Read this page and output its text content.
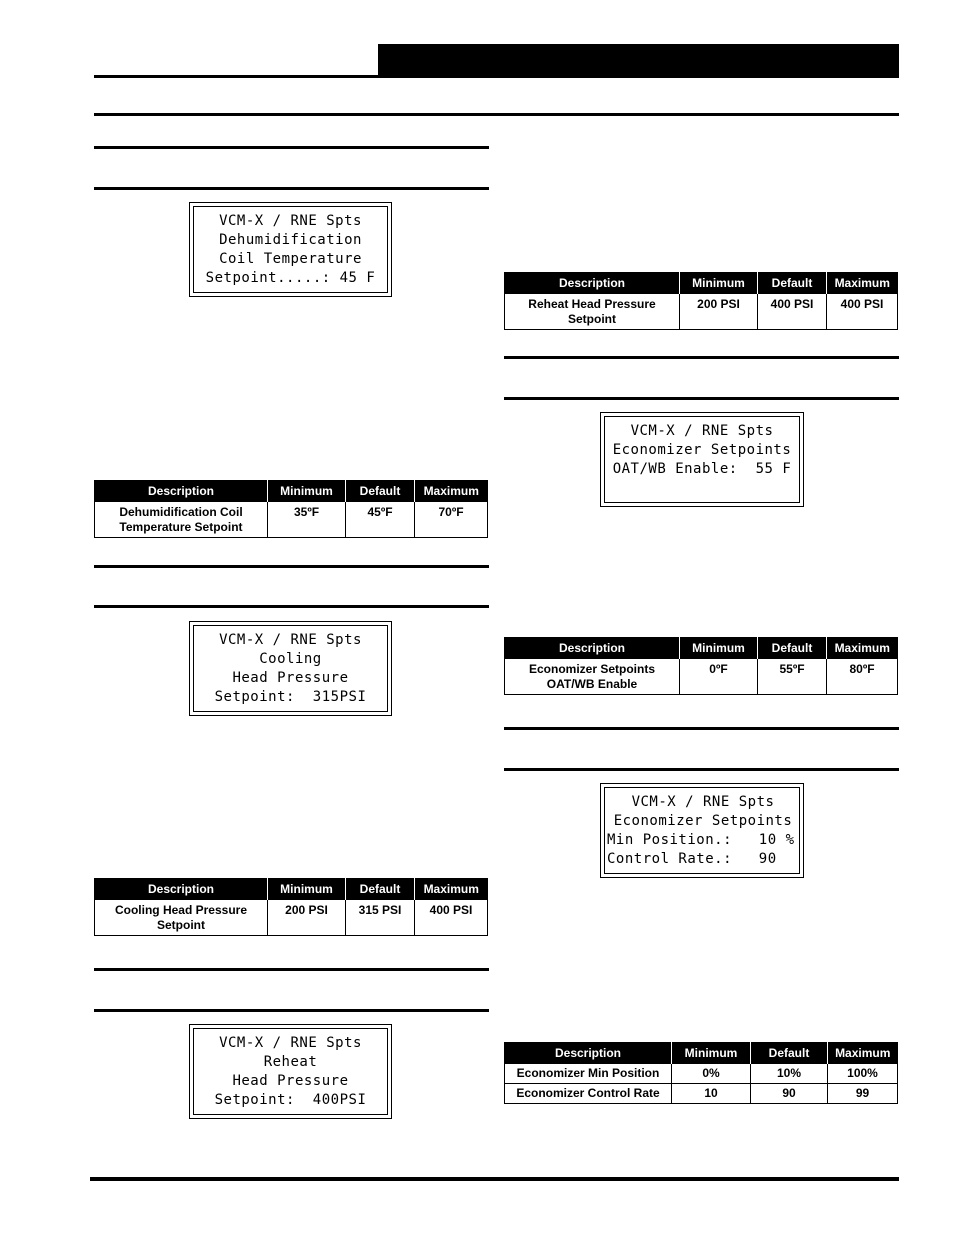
VCM-X / RNE Spts
Dehumidification
Coil Temperature
Setpoint.....: 45 F
Description	Minimum	Default	Maximum
Dehumidification Coil Temperature Setpoint	35ºF	45ºF	70ºF
VCM-X / RNE Spts
Cooling
Head Pressure
Setpoint:  315PSI
Description	Minimum	Default	Maximum
Cooling Head Pressure Setpoint	200 PSI	315 PSI	400 PSI
VCM-X / RNE Spts
Reheat
Head Pressure
Setpoint:  400PSI
Description	Minimum	Default	Maximum
Reheat Head Pressure Setpoint	200 PSI	400 PSI	400 PSI
VCM-X / RNE Spts
Economizer Setpoints
OAT/WB Enable:  55 F
Description	Minimum	Default	Maximum
Economizer Setpoints OAT/WB Enable	0ºF	55ºF	80ºF
VCM-X / RNE Spts
Economizer Setpoints
Min Position.:   10 %
Control Rate.:   90
Description	Minimum	Default	Maximum
Economizer Min Position	0%	10%	100%
Economizer Control Rate	10	90	99
